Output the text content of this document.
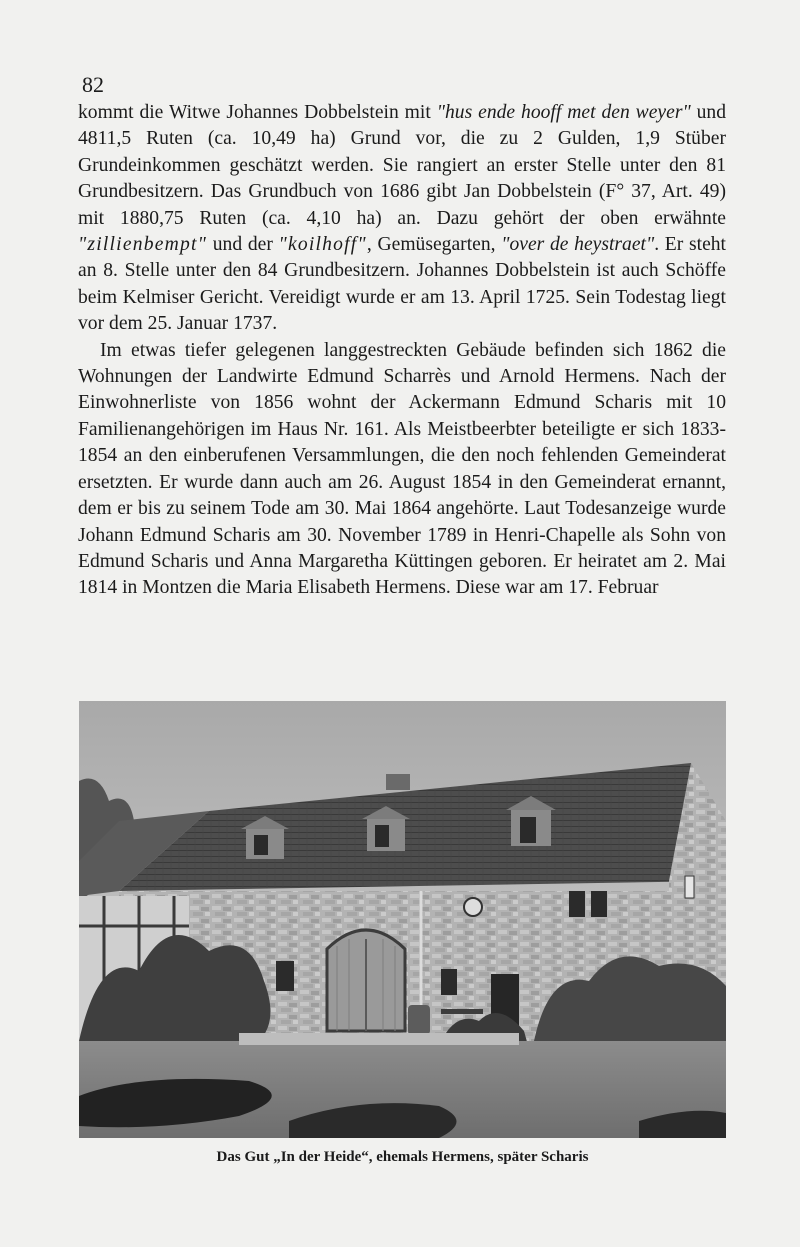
82

kommt die Witwe Johannes Dobbelstein mit "hus ende hooff met den weyer" und 4811,5 Ruten (ca. 10,49 ha) Grund vor, die zu 2 Gulden, 1,9 Stüber Grundeinkommen geschätzt werden. Sie rangiert an erster Stelle unter den 81 Grundbesitzern. Das Grundbuch von 1686 gibt Jan Dobbelstein (F° 37, Art. 49) mit 1880,75 Ruten (ca. 4,10 ha) an. Dazu gehört der oben erwähnte "zillienbempt" und der "koilhoff", Gemüsegarten, "over de heystraet". Er steht an 8. Stelle unter den 84 Grundbesitzern. Johannes Dobbelstein ist auch Schöffe beim Kelmiser Gericht. Vereidigt wurde er am 13. April 1725. Sein Todestag liegt vor dem 25. Januar 1737.

Im etwas tiefer gelegenen langgestreckten Gebäude befinden sich 1862 die Wohnungen der Landwirte Edmund Scharrès und Arnold Hermens. Nach der Einwohnerliste von 1856 wohnt der Ackermann Edmund Scharis mit 10 Familienangehörigen im Haus Nr. 161. Als Meistbeerbter beteiligte er sich 1833-1854 an den einberufenen Versammlungen, die den noch fehlenden Gemeinderat ersetzten. Er wurde dann auch am 26. August 1854 in den Gemeinderat ernannt, dem er bis zu seinem Tode am 30. Mai 1864 angehörte. Laut Todesanzeige wurde Johann Edmund Scharis am 30. November 1789 in Henri-Chapelle als Sohn von Edmund Scharis und Anna Margaretha Küttingen geboren. Er heiratet am 2. Mai 1814 in Montzen die Maria Elisabeth Hermens. Diese war am 17. Februar

Das Gut „In der Heide“, ehemals Hermens, später Scharis
